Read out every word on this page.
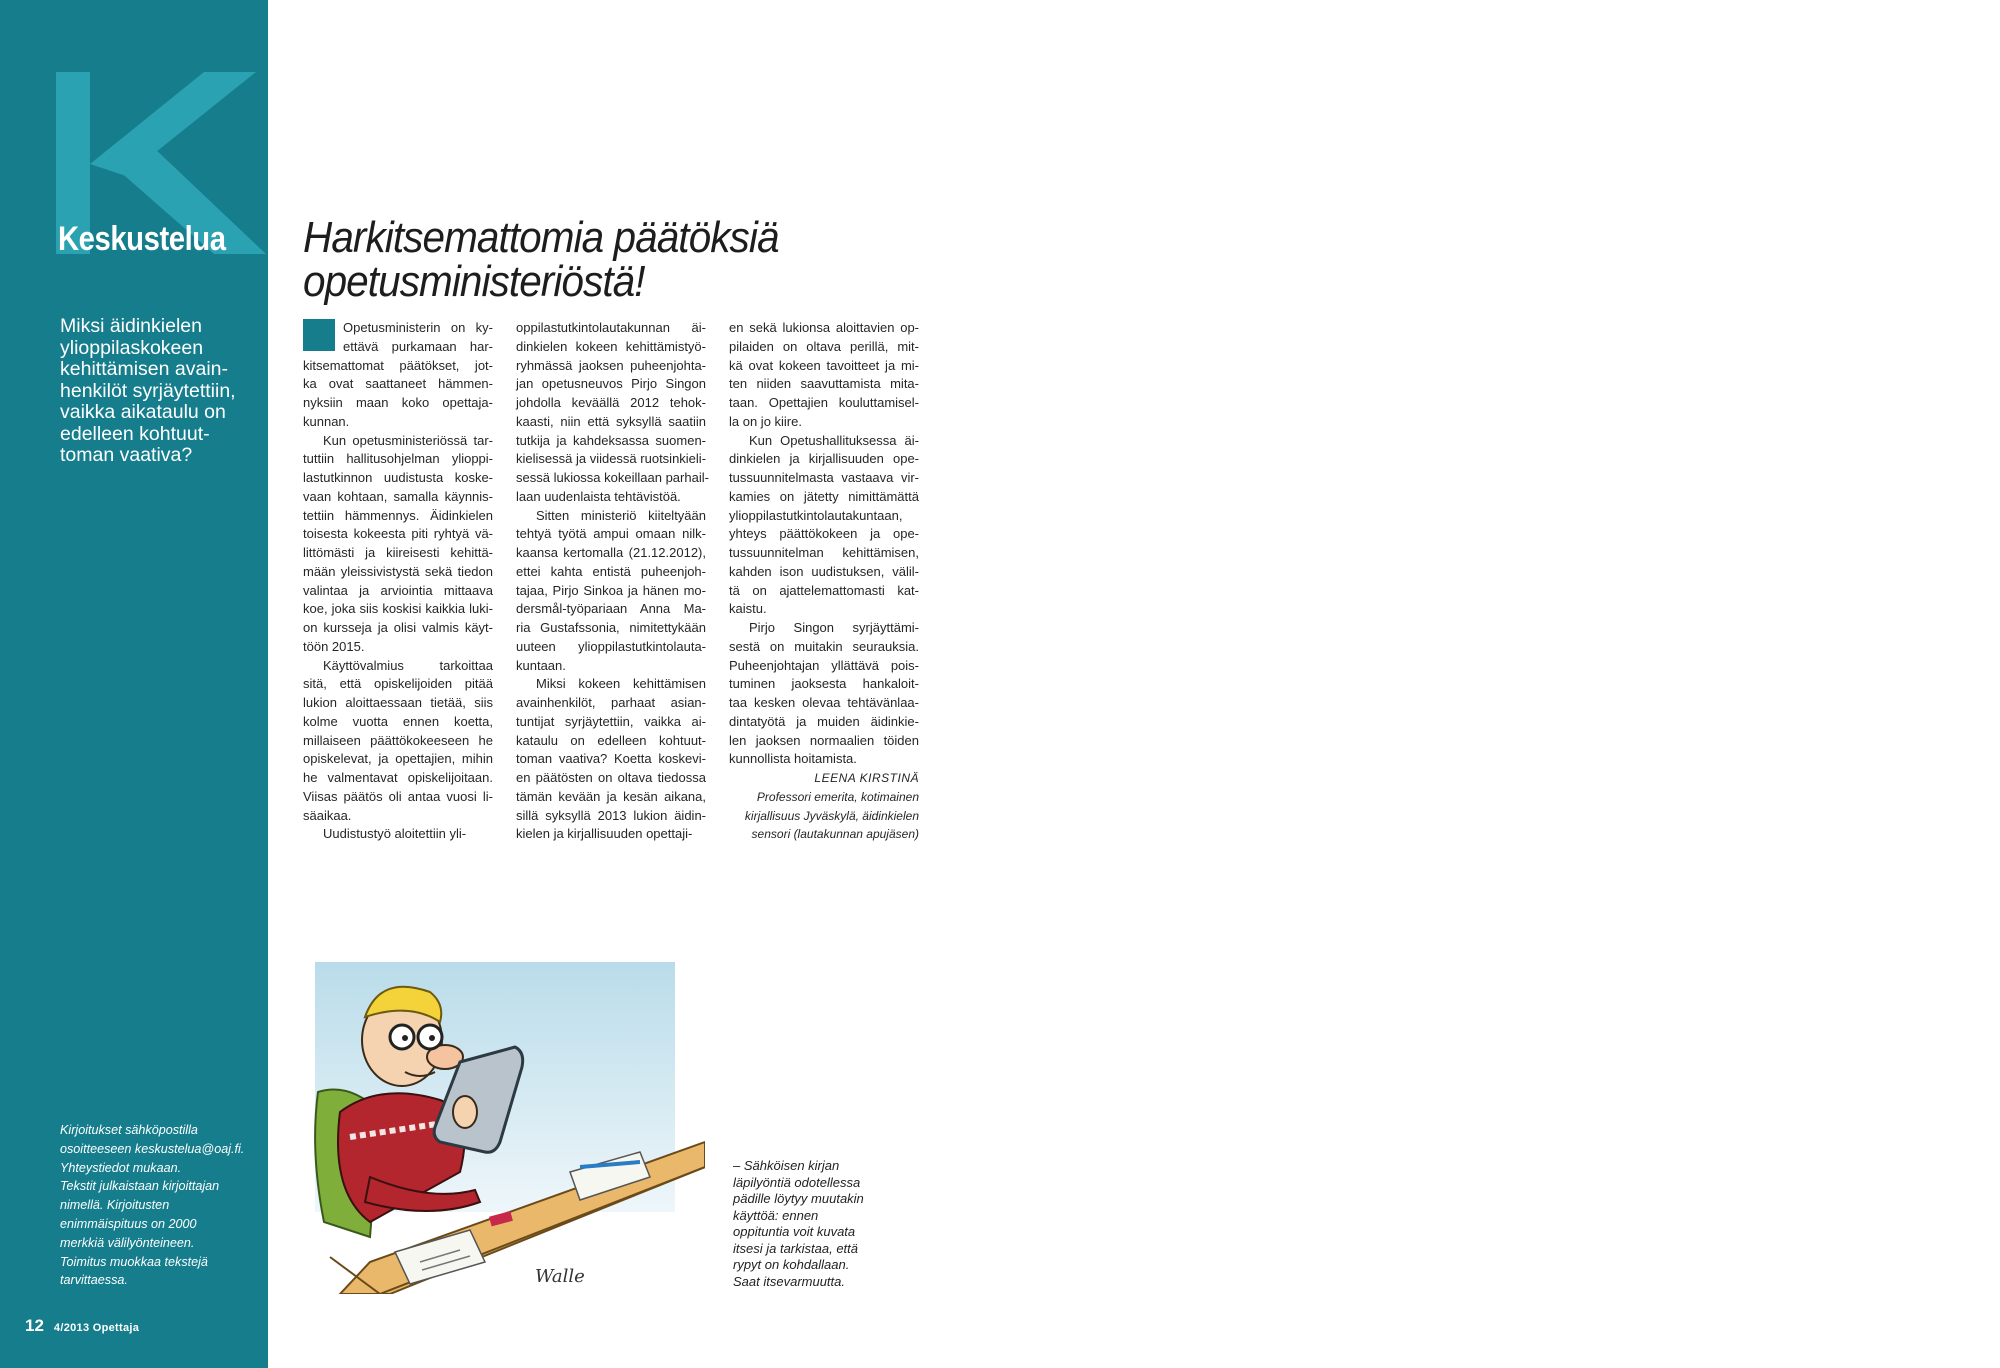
Keskustelua
Miksi äidinkielen
ylioppilaskokeen
kehittämisen avain-
henkilöt syrjäytettiin,
vaikka aikataulu on
edelleen kohtuut-
toman vaativa?
Kirjoitukset sähköpostilla
osoitteeseen keskustelua@oaj.fi.
Yhteystiedot mukaan.
Tekstit julkaistaan kirjoittajan
nimellä. Kirjoitusten
enimmäispituus on 2000
merkkiä välilyönteineen.
Toimitus muokkaa tekstejä
tarvittaessa.
12 4/2013 Opettaja
Harkitsemattomia päätöksiä
opetusministeriöstä!
Opetusministerin on ky-
ettävä purkamaan har-
kitsemattomat päätökset, jot-
ka ovat saattaneet hämmen-
nyksiin maan koko opettaja-
kunnan.
Kun opetusministeriössä tar-
tuttiin hallitusohjelman ylioppi-
lastutkinnon uudistusta koske-
vaan kohtaan, samalla käynnis-
tettiin hämmennys. Äidinkielen
toisesta kokeesta piti ryhtyä vä-
littömästi ja kiireisesti kehittä-
mään yleissivistystä sekä tiedon
valintaa ja arviointia mittaava
koe, joka siis koskisi kaikkia luki-
on kursseja ja olisi valmis käyt-
töön 2015.
Käyttövalmius tarkoittaa
sitä, että opiskelijoiden pitää
lukion aloittaessaan tietää, siis
kolme vuotta ennen koetta,
millaiseen päättökokeeseen he
opiskelevat, ja opettajien, mihin
he valmentavat opiskelijoitaan.
Viisas päätös oli antaa vuosi li-
säaikaa.
Uudistustyö aloitettiin yli-
oppilastutkintolautakunnan äi-
dinkielen kokeen kehittämistyö-
ryhmässä jaoksen puheenjohta-
jan opetusneuvos Pirjo Singon
johdolla keväällä 2012 tehok-
kaasti, niin että syksyllä saatiin
tutkija ja kahdeksassa suomen-
kielisessä ja viidessä ruotsinkieli-
sessä lukiossa kokeillaan parhail-
laan uudenlaista tehtävistöä.
Sitten ministeriö kiiteltyään
tehtyä työtä ampui omaan nilk-
kaansa kertomalla (21.12.2012),
ettei kahta entistä puheenjoh-
tajaa, Pirjo Sinkoa ja hänen mo-
dersmål-työpariaan Anna Ma-
ria Gustafssonia, nimitettykään
uuteen ylioppilastutkintolauta-
kuntaan.
Miksi kokeen kehittämisen
avainhenkilöt, parhaat asian-
tuntijat syrjäytettiin, vaikka ai-
kataulu on edelleen kohtuut-
toman vaativa? Koetta koskevi-
en päätösten on oltava tiedossa
tämän kevään ja kesän aikana,
sillä syksyllä 2013 lukion äidin-
kielen ja kirjallisuuden opettaji-
en sekä lukionsa aloittavien op-
pilaiden on oltava perillä, mit-
kä ovat kokeen tavoitteet ja mi-
ten niiden saavuttamista mita-
taan. Opettajien kouluttamisel-
la on jo kiire.
Kun Opetushallituksessa äi-
dinkielen ja kirjallisuuden ope-
tussuunnitelmasta vastaava vir-
kamies on jätetty nimittämättä
ylioppilastutkintolautakuntaan,
yhteys päättökokeen ja ope-
tussuunnitelman kehittämisen,
kahden ison uudistuksen, välil-
tä on ajattelemattomasti kat-
kaistu.
Pirjo Singon syrjäyttämi-
sestä on muitakin seurauksia.
Puheenjohtajan yllättävä pois-
tuminen jaoksesta hankaloit-
taa kesken olevaa tehtävänlaa-
dintatyötä ja muiden äidinkie-
len jaoksen normaalien töiden
kunnollista hoitamista.
LEENA KIRSTINÄ
Professori emerita, kotimainen
kirjallisuus Jyväskylä, äidinkielen
sensori (lautakunnan apujäsen)
Walle
– Sähköisen kirjan
läpilyöntiä odotellessa
pädille löytyy muutakin
käyttöä: ennen
oppituntia voit kuvata
itsesi ja tarkistaa, että
rypyt on kohdallaan.
Saat itsevarmuutta.
